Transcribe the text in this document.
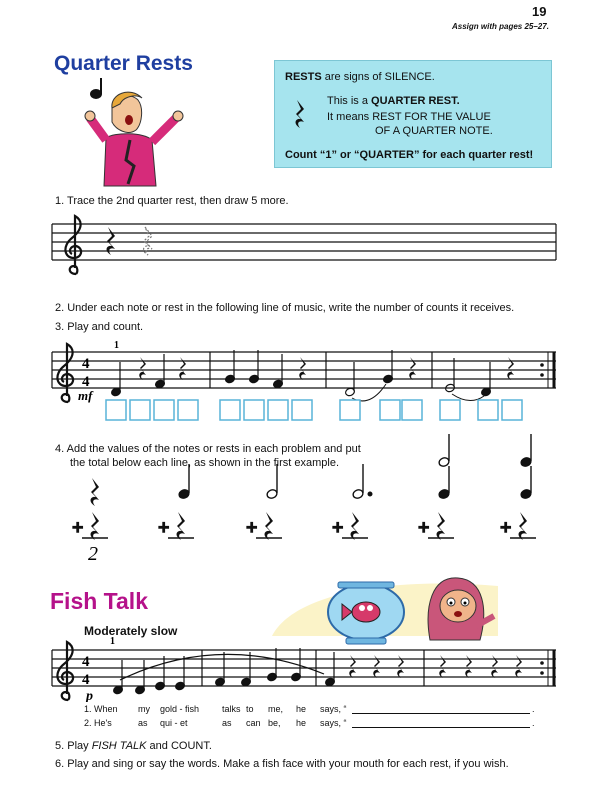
19
Assign with pages 25–27.
Quarter Rests
RESTS are signs of SILENCE.
This is a QUARTER REST.
It means REST FOR THE VALUE
OF A QUARTER NOTE.
Count “1” or “QUARTER” for each quarter rest!
1. Trace the 2nd quarter rest, then draw 5 more.
2. Under each note or rest in the following line of music, write the number of counts it receives.
3. Play and count.
4
4
1
mf
4. Add the values of the notes or rests in each problem and put
the total below each line, as shown in the first example.
+	+	+	+	+	+
2
Fish Talk
Moderately slow
4
4
1
p
1. When my gold - fish	talks to me, he says, “	.
2. He's	as qui - et	as can be, he says, “	.
5. Play FISH TALK and COUNT.
6. Play and sing or say the words. Make a fish face with your mouth for each rest, if you wish.
